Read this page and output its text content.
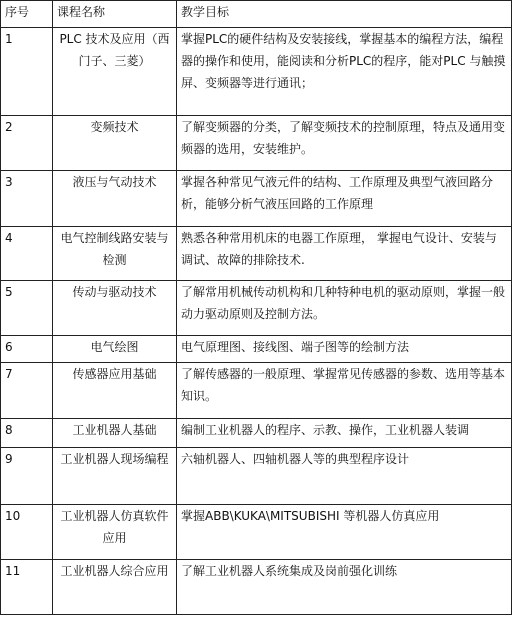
序号	课程名称	教学目标
1	PLC 技术及应用（西门子、三菱）	掌握PLC的硬件结构及安装接线，掌握基本的编程方法，编程器的操作和使用，能阅读和分析PLC的程序，能对PLC 与触摸屏、变频器等进行通讯；
2	变频技术	了解变频器的分类，了解变频技术的控制原理，特点及通用变频器的选用，安装维护。
3	液压与气动技术	掌握各种常见气液元件的结构、工作原理及典型气液回路分析，能够分析气液压回路的工作原理
4	电气控制线路安装与检测	熟悉各种常用机床的电器工作原理， 掌握电气设计、安装与调试、故障的排除技术.
5	传动与驱动技术	了解常用机械传动机构和几种特种电机的驱动原则，掌握一般动力驱动原则及控制方法。
6	电气绘图	电气原理图、接线图、端子图等的绘制方法
7	传感器应用基础	了解传感器的一般原理、掌握常见传感器的参数、选用等基本知识。
8	工业机器人基础	编制工业机器人的程序、示教、操作，工业机器人装调
9	工业机器人现场编程	六轴机器人、四轴机器人等的典型程序设计
10	工业机器人仿真软件应用	掌握ABB\KUKA\MITSUBISHI 等机器人仿真应用
11	工业机器人综合应用	了解工业机器人系统集成及岗前强化训练
